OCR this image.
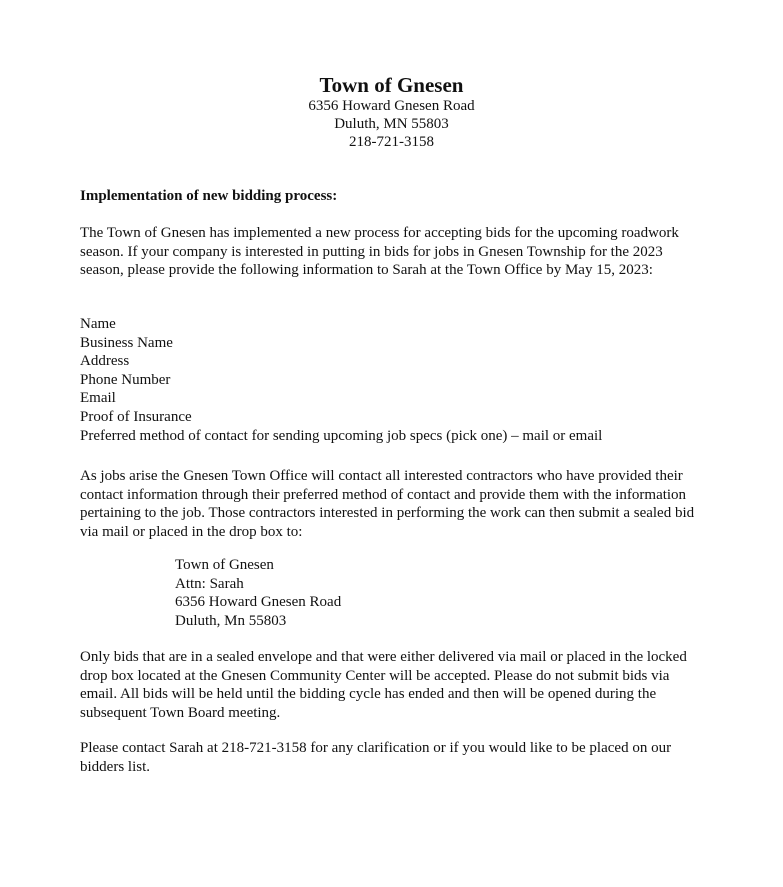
Town of Gnesen
6356 Howard Gnesen Road
Duluth, MN 55803
218-721-3158
Implementation of new bidding process:

The Town of Gnesen has implemented a new process for accepting bids for the upcoming roadwork season. If your company is interested in putting in bids for jobs in Gnesen Township for the 2023 season, please provide the following information to Sarah at the Town Office by May 15, 2023:

Name
Business Name
Address
Phone Number
Email
Proof of Insurance
Preferred method of contact for sending upcoming job specs (pick one) – mail or email

As jobs arise the Gnesen Town Office will contact all interested contractors who have provided their contact information through their preferred method of contact and provide them with the information pertaining to the job. Those contractors interested in performing the work can then submit a sealed bid via mail or placed in the drop box to:

Town of Gnesen
Attn: Sarah
6356 Howard Gnesen Road
Duluth, Mn 55803

Only bids that are in a sealed envelope and that were either delivered via mail or placed in the locked drop box located at the Gnesen Community Center will be accepted. Please do not submit bids via email. All bids will be held until the bidding cycle has ended and then will be opened during the subsequent Town Board meeting.

Please contact Sarah at 218-721-3158 for any clarification or if you would like to be placed on our bidders list.
